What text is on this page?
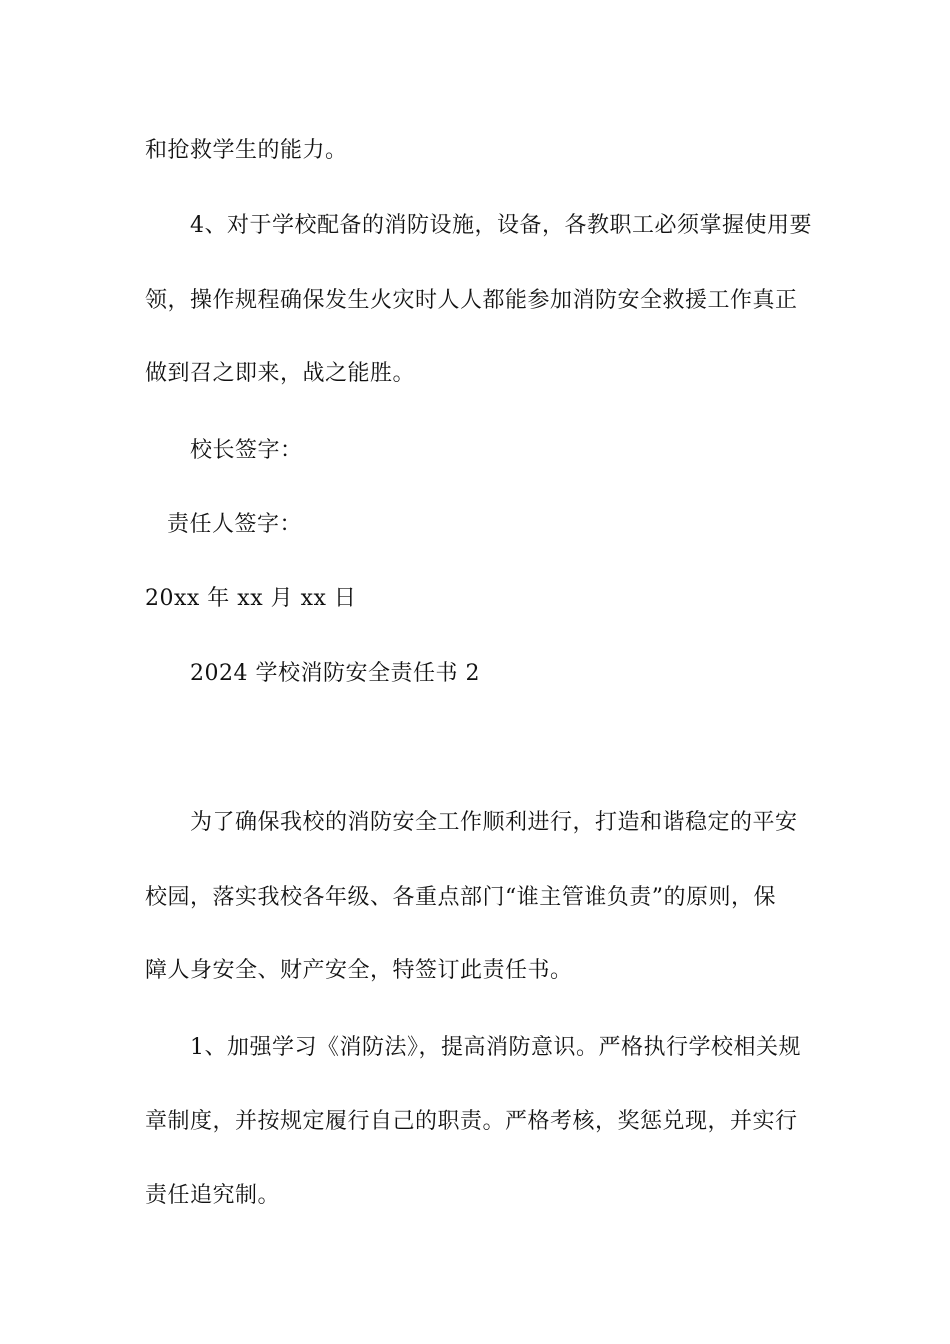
和抢救学生的能力。
4、对于学校配备的消防设施，设备，各教职工必须掌握使用要
领，操作规程确保发生火灾时人人都能参加消防安全救援工作真正
做到召之即来，战之能胜。
校长签字：
责任人签字：
20xx 年 xx 月 xx 日
2024 学校消防安全责任书 2
为了确保我校的消防安全工作顺利进行，打造和谐稳定的平安
校园，落实我校各年级、各重点部门“谁主管谁负责”的原则，保
障人身安全、财产安全，特签订此责任书。
1、加强学习《消防法》，提高消防意识。严格执行学校相关规
章制度，并按规定履行自己的职责。严格考核，奖惩兑现，并实行
责任追究制。
